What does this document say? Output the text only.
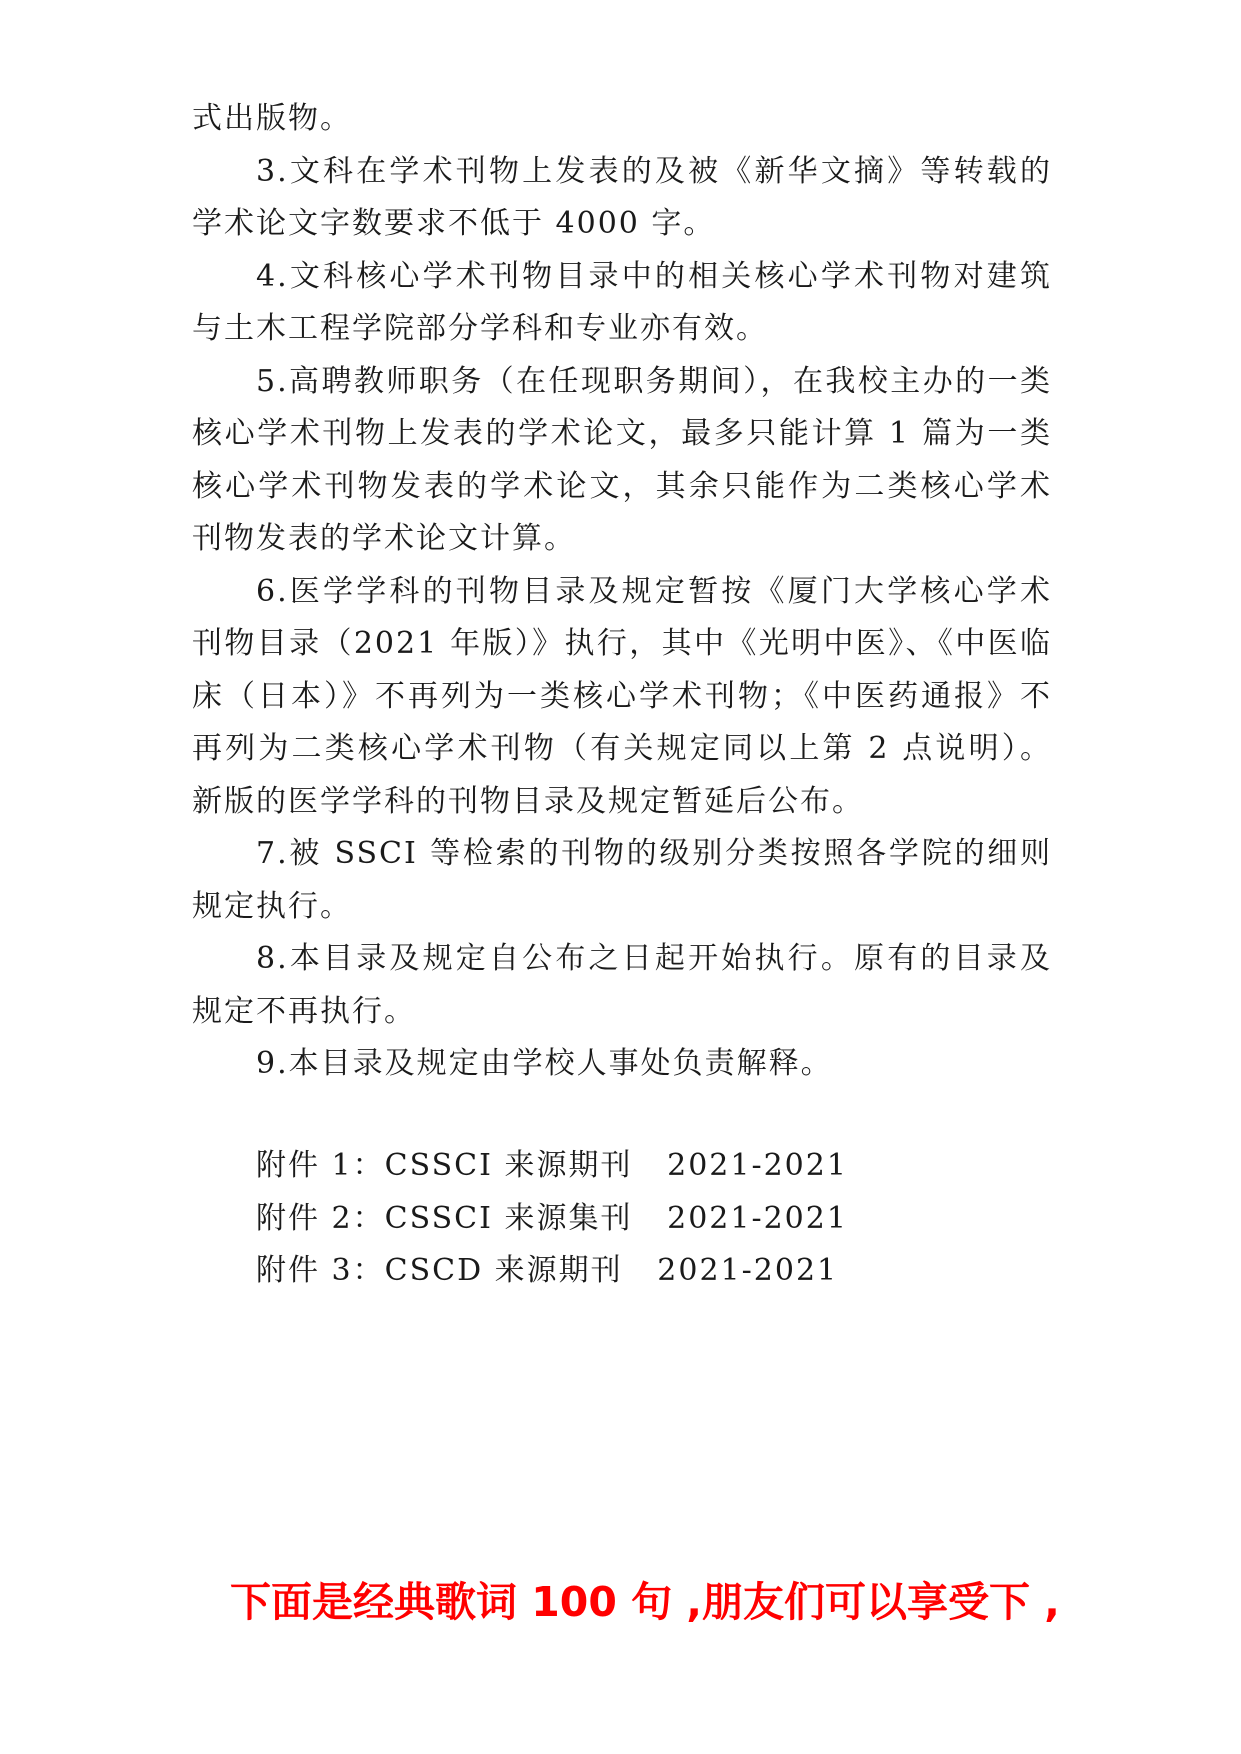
式出版物。

3.文科在学术刊物上发表的及被《新华文摘》等转载的学术论文字数要求不低于 4000 字。

4.文科核心学术刊物目录中的相关核心学术刊物对建筑与土木工程学院部分学科和专业亦有效。

5.高聘教师职务（在任现职务期间），在我校主办的一类核心学术刊物上发表的学术论文，最多只能计算 1 篇为一类核心学术刊物发表的学术论文，其余只能作为二类核心学术刊物发表的学术论文计算。

6.医学学科的刊物目录及规定暂按《厦门大学核心学术刊物目录（2021 年版）》执行，其中《光明中医》、《中医临床（日本）》不再列为一类核心学术刊物；《中医药通报》不再列为二类核心学术刊物（有关规定同以上第 2 点说明）。新版的医学学科的刊物目录及规定暂延后公布。

7.被 SSCI 等检索的刊物的级别分类按照各学院的细则规定执行。

8.本目录及规定自公布之日起开始执行。原有的目录及规定不再执行。

9.本目录及规定由学校人事处负责解释。

附件 1：CSSCI 来源期刊   2021-2021

附件 2：CSSCI 来源集刊   2021-2021

附件 3：CSCD 来源期刊   2021-2021

下面是经典歌词 100 句 ,朋友们可以享受下 ,
